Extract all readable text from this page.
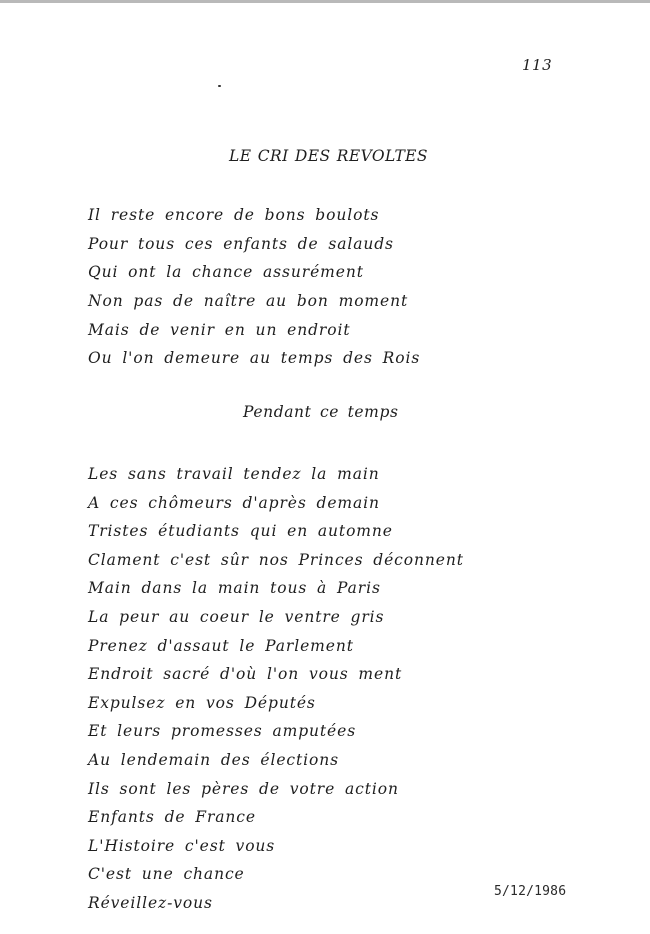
113
LE CRI DES REVOLTES
Il reste encore de bons boulots
Pour tous ces enfants de salauds
Qui ont la chance assurément
Non pas de naître au bon moment
Mais de venir en un endroit
Ou l'on demeure au temps des Rois
Pendant ce temps
Les sans travail tendez la main
A ces chômeurs d'après demain
Tristes étudiants qui en automne
Clament c'est sûr nos Princes déconnent
Main dans la main tous à Paris
La peur au coeur le ventre gris
Prenez d'assaut le Parlement
Endroit sacré d'où l'on vous ment
Expulsez en vos Députés
Et leurs promesses amputées
Au lendemain des élections
Ils sont les pères de votre action
Enfants de France
L'Histoire c'est vous
C'est une chance
Réveillez-vous
5/12/1986
